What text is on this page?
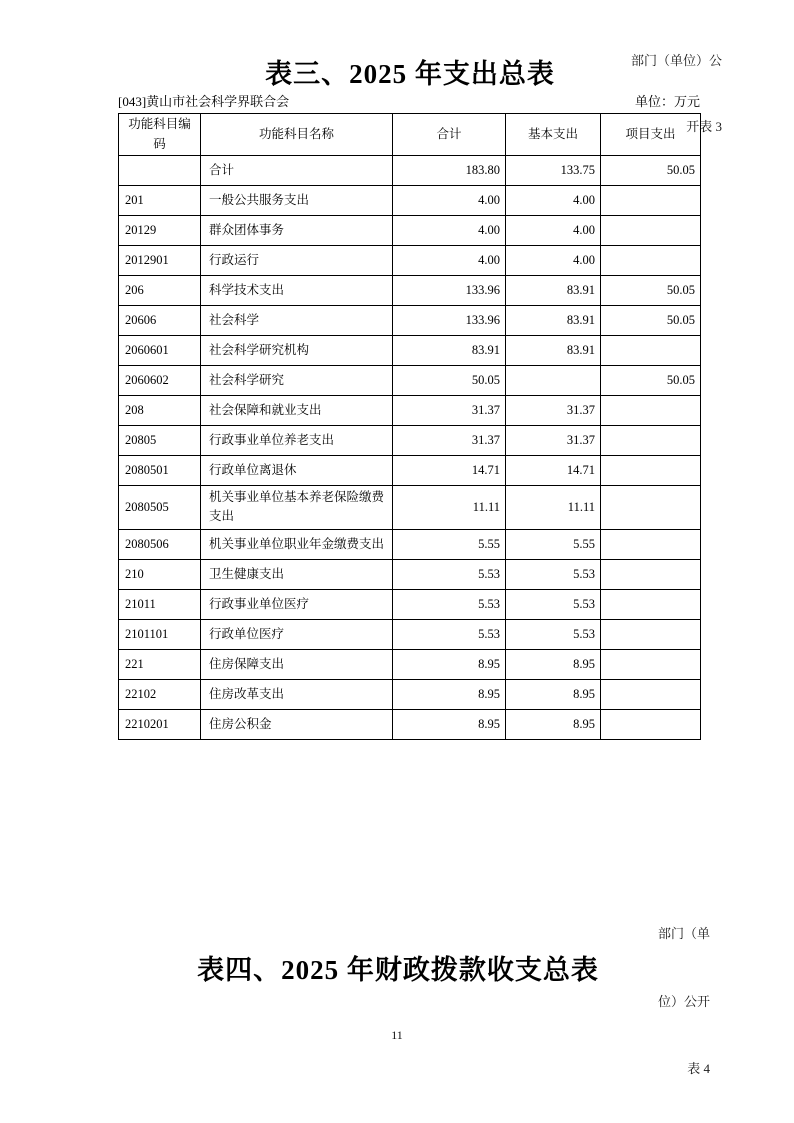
部门（单位）公

开表 3

表三、2025 年支出总表
[043]黄山市社会科学界联合会	单位：万元
功能科目编码	功能科目名称	合计	基本支出	项目支出
	合计	183.80	133.75	50.05
201	一般公共服务支出	4.00	4.00	
20129	群众团体事务	4.00	4.00	
2012901	行政运行	4.00	4.00	
206	科学技术支出	133.96	83.91	50.05
20606	社会科学	133.96	83.91	50.05
2060601	社会科学研究机构	83.91	83.91	
2060602	社会科学研究	50.05		50.05
208	社会保障和就业支出	31.37	31.37	
20805	行政事业单位养老支出	31.37	31.37	
2080501	行政单位离退休	14.71	14.71	
2080505	机关事业单位基本养老保险缴费支出	11.11	11.11	
2080506	机关事业单位职业年金缴费支出	5.55	5.55	
210	卫生健康支出	5.53	5.53	
21011	行政事业单位医疗	5.53	5.53	
2101101	行政单位医疗	5.53	5.53	
221	住房保障支出	8.95	8.95	
22102	住房改革支出	8.95	8.95	
2210201	住房公积金	8.95	8.95	

部门（单

位）公开

表 4

表四、2025 年财政拨款收支总表
11
